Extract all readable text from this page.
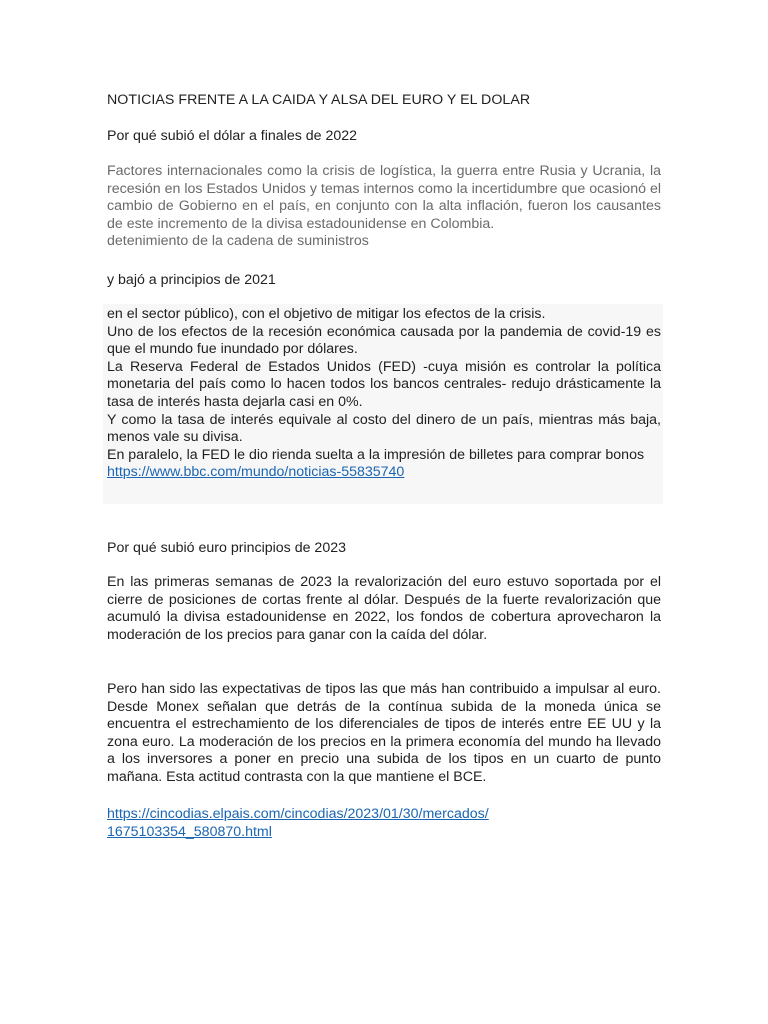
NOTICIAS FRENTE A LA CAIDA Y ALSA DEL EURO Y EL DOLAR
Por qué subió el dólar a finales de 2022

Factores internacionales como la crisis de logística, la guerra entre Rusia y Ucrania, la recesión en los Estados Unidos y temas internos como la incertidumbre que ocasionó el cambio de Gobierno en el país, en conjunto con la alta inflación, fueron los causantes de este incremento de la divisa estadounidense en Colombia.

detenimiento de la cadena de suministros

y bajó a principios de 2021

en el sector público), con el objetivo de mitigar los efectos de la crisis.

Uno de los efectos de la recesión económica causada por la pandemia de covid-19 es que el mundo fue inundado por dólares.

La Reserva Federal de Estados Unidos (FED) -cuya misión es controlar la política monetaria del país como lo hacen todos los bancos centrales- redujo drásticamente la tasa de interés hasta dejarla casi en 0%.

Y como la tasa de interés equivale al costo del dinero de un país, mientras más baja, menos vale su divisa.

En paralelo, la FED le dio rienda suelta a la impresión de billetes para comprar bonos

https://www.bbc.com/mundo/noticias-55835740

Por qué subió euro principios de 2023
En las primeras semanas de 2023 la revalorización del euro estuvo soportada por el cierre de posiciones de cortas frente al dólar. Después de la fuerte revalorización que acumuló la divisa estadounidense en 2022, los fondos de cobertura aprovecharon la moderación de los precios para ganar con la caída del dólar.
Pero han sido las expectativas de tipos las que más han contribuido a impulsar al euro. Desde Monex señalan que detrás de la contínua subida de la moneda única se encuentra el estrechamiento de los diferenciales de tipos de interés entre EE UU y la zona euro. La moderación de los precios en la primera economía del mundo ha llevado a los inversores a poner en precio una subida de los tipos en un cuarto de punto mañana. Esta actitud contrasta con la que mantiene el BCE.
https://cincodias.elpais.com/cincodias/2023/01/30/mercados/
1675103354_580870.html
